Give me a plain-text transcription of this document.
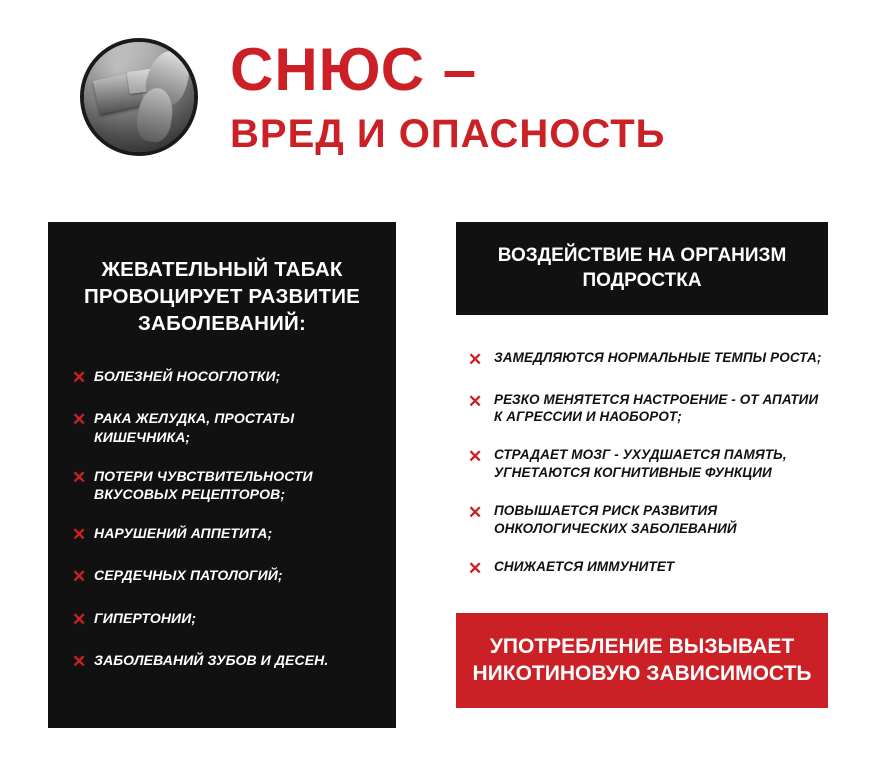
СНЮС –
ВРЕД И ОПАСНОСТЬ
ЖЕВАТЕЛЬНЫЙ ТАБАК ПРОВОЦИРУЕТ РАЗВИТИЕ ЗАБОЛЕВАНИЙ:
✕ БОЛЕЗНЕЙ НОСОГЛОТКИ;
✕ РАКА ЖЕЛУДКА, ПРОСТАТЫ КИШЕЧНИКА;
✕ ПОТЕРИ ЧУВСТВИТЕЛЬНОСТИ ВКУСОВЫХ РЕЦЕПТОРОВ;
✕ НАРУШЕНИЙ АППЕТИТА;
✕ СЕРДЕЧНЫХ ПАТОЛОГИЙ;
✕ ГИПЕРТОНИИ;
✕ ЗАБОЛЕВАНИЙ ЗУБОВ И ДЕСЕН.
ВОЗДЕЙСТВИЕ НА ОРГАНИЗМ ПОДРОСТКА
✕ ЗАМЕДЛЯЮТСЯ НОРМАЛЬНЫЕ ТЕМПЫ РОСТА;
✕ РЕЗКО МЕНЯТЕТСЯ НАСТРОЕНИЕ - ОТ АПАТИИ К АГРЕССИИ И НАОБОРОТ;
✕ СТРАДАЕТ МОЗГ - УХУДШАЕТСЯ ПАМЯТЬ, УГНЕТАЮТСЯ КОГНИТИВНЫЕ ФУНКЦИИ
✕ ПОВЫШАЕТСЯ РИСК РАЗВИТИЯ ОНКОЛОГИЧЕСКИХ ЗАБОЛЕВАНИЙ
✕ СНИЖАЕТСЯ ИММУНИТЕТ
УПОТРЕБЛЕНИЕ ВЫЗЫВАЕТ НИКОТИНОВУЮ ЗАВИСИМОСТЬ
